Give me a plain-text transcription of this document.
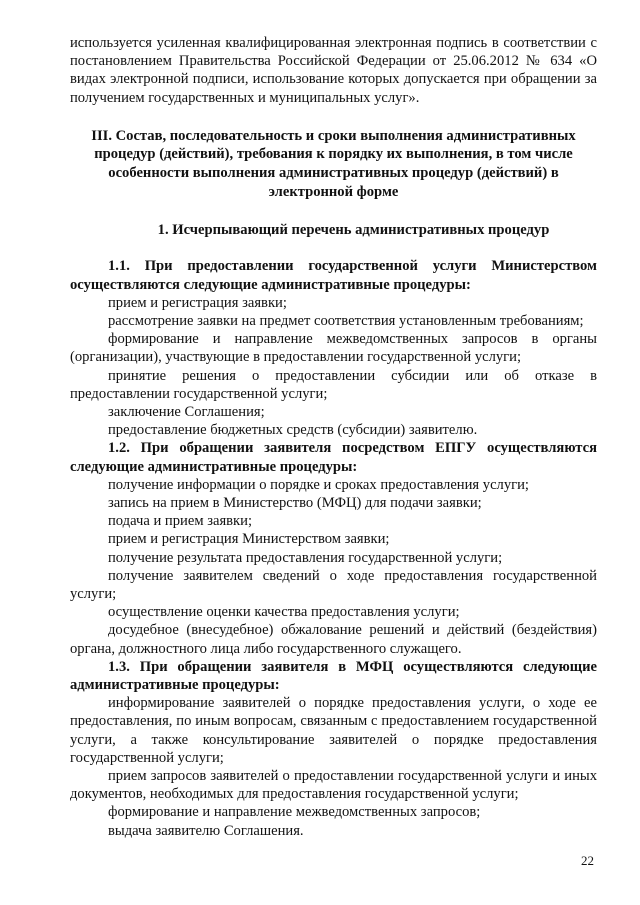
используется усиленная квалифицированная электронная подпись в соответствии с постановлением Правительства Российской Федерации от 25.06.2012 № 634 «О видах электронной подписи, использование которых допускается при обращении за получением государственных и муниципальных услуг».

III. Состав, последовательность и сроки выполнения административных процедур (действий), требования к порядку их выполнения, в том числе особенности выполнения административных процедур (действий) в электронной форме

1. Исчерпывающий перечень административных процедур

1.1. При предоставлении государственной услуги Министерством осуществляются следующие административные процедуры:

прием и регистрация заявки;

рассмотрение заявки на предмет соответствия установленным требованиям;

формирование и направление межведомственных запросов в органы (организации), участвующие в предоставлении государственной услуги;

принятие решения о предоставлении субсидии или об отказе в предоставлении государственной услуги;

заключение Соглашения;

предоставление бюджетных средств (субсидии) заявителю.

1.2. При обращении заявителя посредством ЕПГУ осуществляются следующие административные процедуры:

получение информации о порядке и сроках предоставления услуги;

запись на прием в Министерство (МФЦ) для подачи заявки;

подача и прием заявки;

прием и регистрация Министерством заявки;

получение результата предоставления государственной услуги;

получение заявителем сведений о ходе предоставления государственной услуги;

осуществление оценки качества предоставления услуги;

досудебное (внесудебное) обжалование решений и действий (бездействия) органа, должностного лица либо государственного служащего.

1.3. При обращении заявителя в МФЦ осуществляются следующие административные процедуры:

информирование заявителей о порядке предоставления услуги, о ходе ее предоставления, по иным вопросам, связанным с предоставлением государственной услуги, а также консультирование заявителей о порядке предоставления государственной услуги;

прием запросов заявителей о предоставлении государственной услуги и иных документов, необходимых для предоставления государственной услуги;

формирование и направление межведомственных запросов;

выдача заявителю Соглашения.

22
